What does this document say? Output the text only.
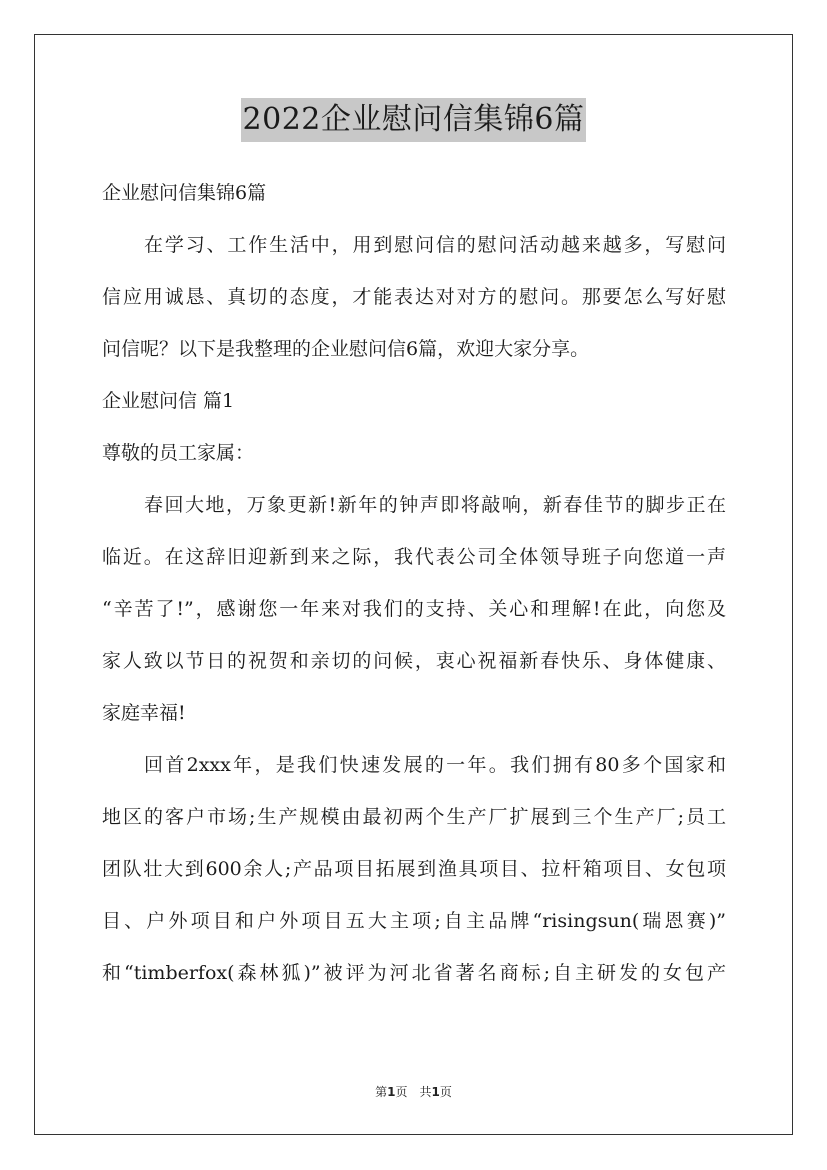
2022企业慰问信集锦6篇
企业慰问信集锦6篇
在学习、工作生活中，用到慰问信的慰问活动越来越多，写慰问
信应用诚恳、真切的态度，才能表达对对方的慰问。那要怎么写好慰
问信呢？以下是我整理的企业慰问信6篇，欢迎大家分享。
企业慰问信 篇1
尊敬的员工家属：
春回大地，万象更新!新年的钟声即将敲响，新春佳节的脚步正在
临近。在这辞旧迎新到来之际，我代表公司全体领导班子向您道一声
“辛苦了!”，感谢您一年来对我们的支持、关心和理解!在此，向您及
家人致以节日的祝贺和亲切的问候，衷心祝福新春快乐、身体健康、
家庭幸福!
回首2xxx年，是我们快速发展的一年。我们拥有80多个国家和
地区的客户市场;生产规模由最初两个生产厂扩展到三个生产厂;员工
团队壮大到600余人;产品项目拓展到渔具项目、拉杆箱项目、女包项
目、户外项目和户外项目五大主项;自主品牌“risingsun(瑞恩赛)”
和“timberfox(森林狐)”被评为河北省著名商标;自主研发的女包产
第1页　共1页
